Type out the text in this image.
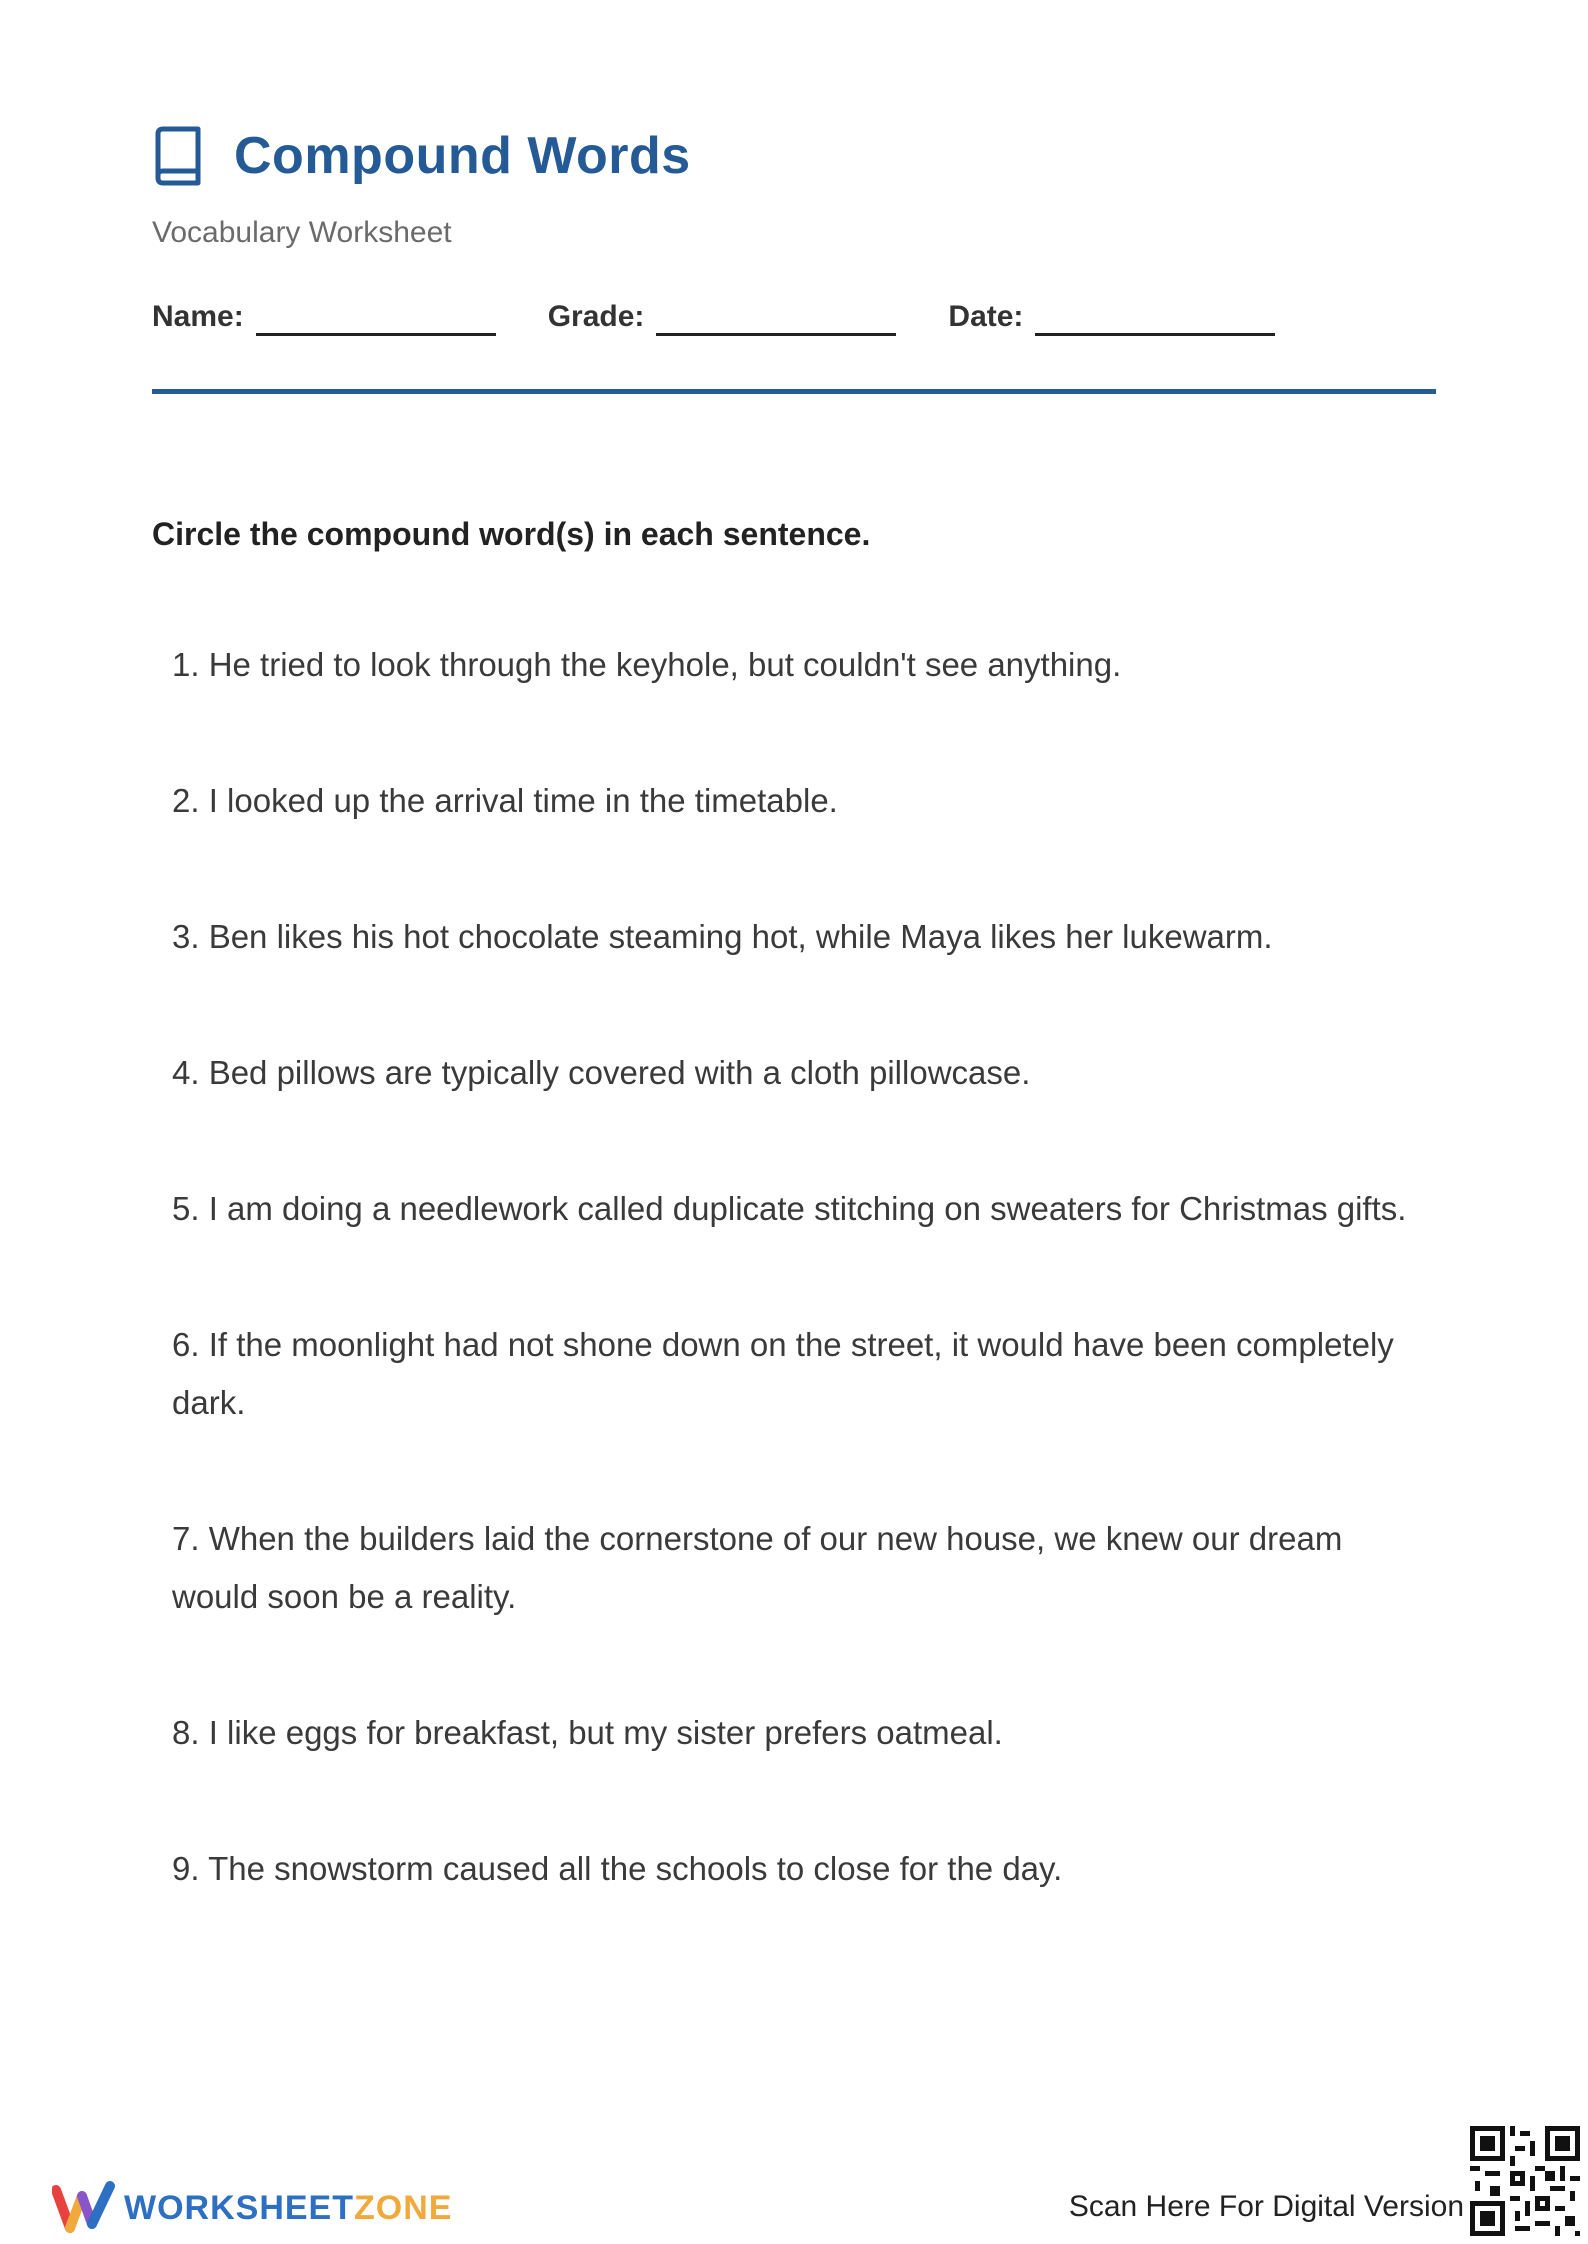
Compound Words
Vocabulary Worksheet
Name:	Grade:	Date:
Circle the compound word(s) in each sentence.
1. He tried to look through the keyhole, but couldn't see anything.
2. I looked up the arrival time in the timetable.
3. Ben likes his hot chocolate steaming hot, while Maya likes her lukewarm.
4. Bed pillows are typically covered with a cloth pillowcase.
5. I am doing a needlework called duplicate stitching on sweaters for Christmas gifts.
6. If the moonlight had not shone down on the street, it would have been completely dark.
7. When the builders laid the cornerstone of our new house, we knew our dream would soon be a reality.
8. I like eggs for breakfast, but my sister prefers oatmeal.
9. The snowstorm caused all the schools to close for the day.
WORKSHEET ZONE	Scan Here For Digital Version
